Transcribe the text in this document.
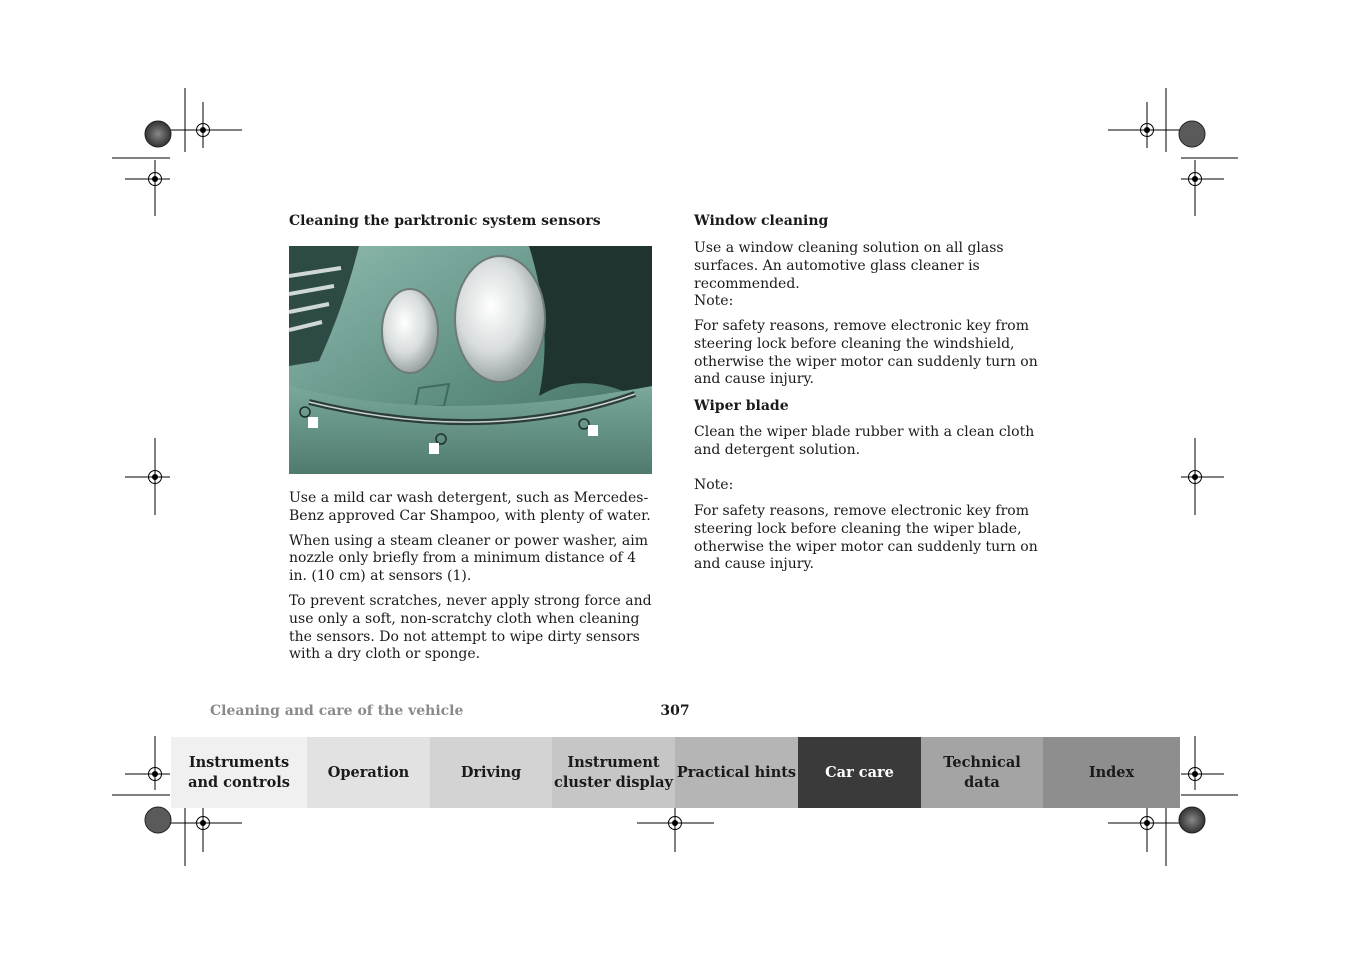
Cleaning the parktronic system sensors

Use a mild car wash detergent, such as Mercedes-Benz approved Car Shampoo, with plenty of water.

When using a steam cleaner or power washer, aim nozzle only briefly from a minimum distance of 4 in. (10 cm) at sensors (1).

To prevent scratches, never apply strong force and use only a soft, non-scratchy cloth when cleaning the sensors. Do not attempt to wipe dirty sensors with a dry cloth or sponge.

Window cleaning

Use a window cleaning solution on all glass surfaces. An automotive glass cleaner is recommended.

Note:

For safety reasons, remove electronic key from steering lock before cleaning the windshield, otherwise the wiper motor can suddenly turn on and cause injury.

Wiper blade

Clean the wiper blade rubber with a clean cloth and detergent solution.

Note:

For safety reasons, remove electronic key from steering lock before cleaning the wiper blade, otherwise the wiper motor can suddenly turn on and cause injury.

Cleaning and care of the vehicle	307
Instruments
and controls
Operation	Driving
Instrument
cluster display
Practical hints	Car care
Technical
data
Index
